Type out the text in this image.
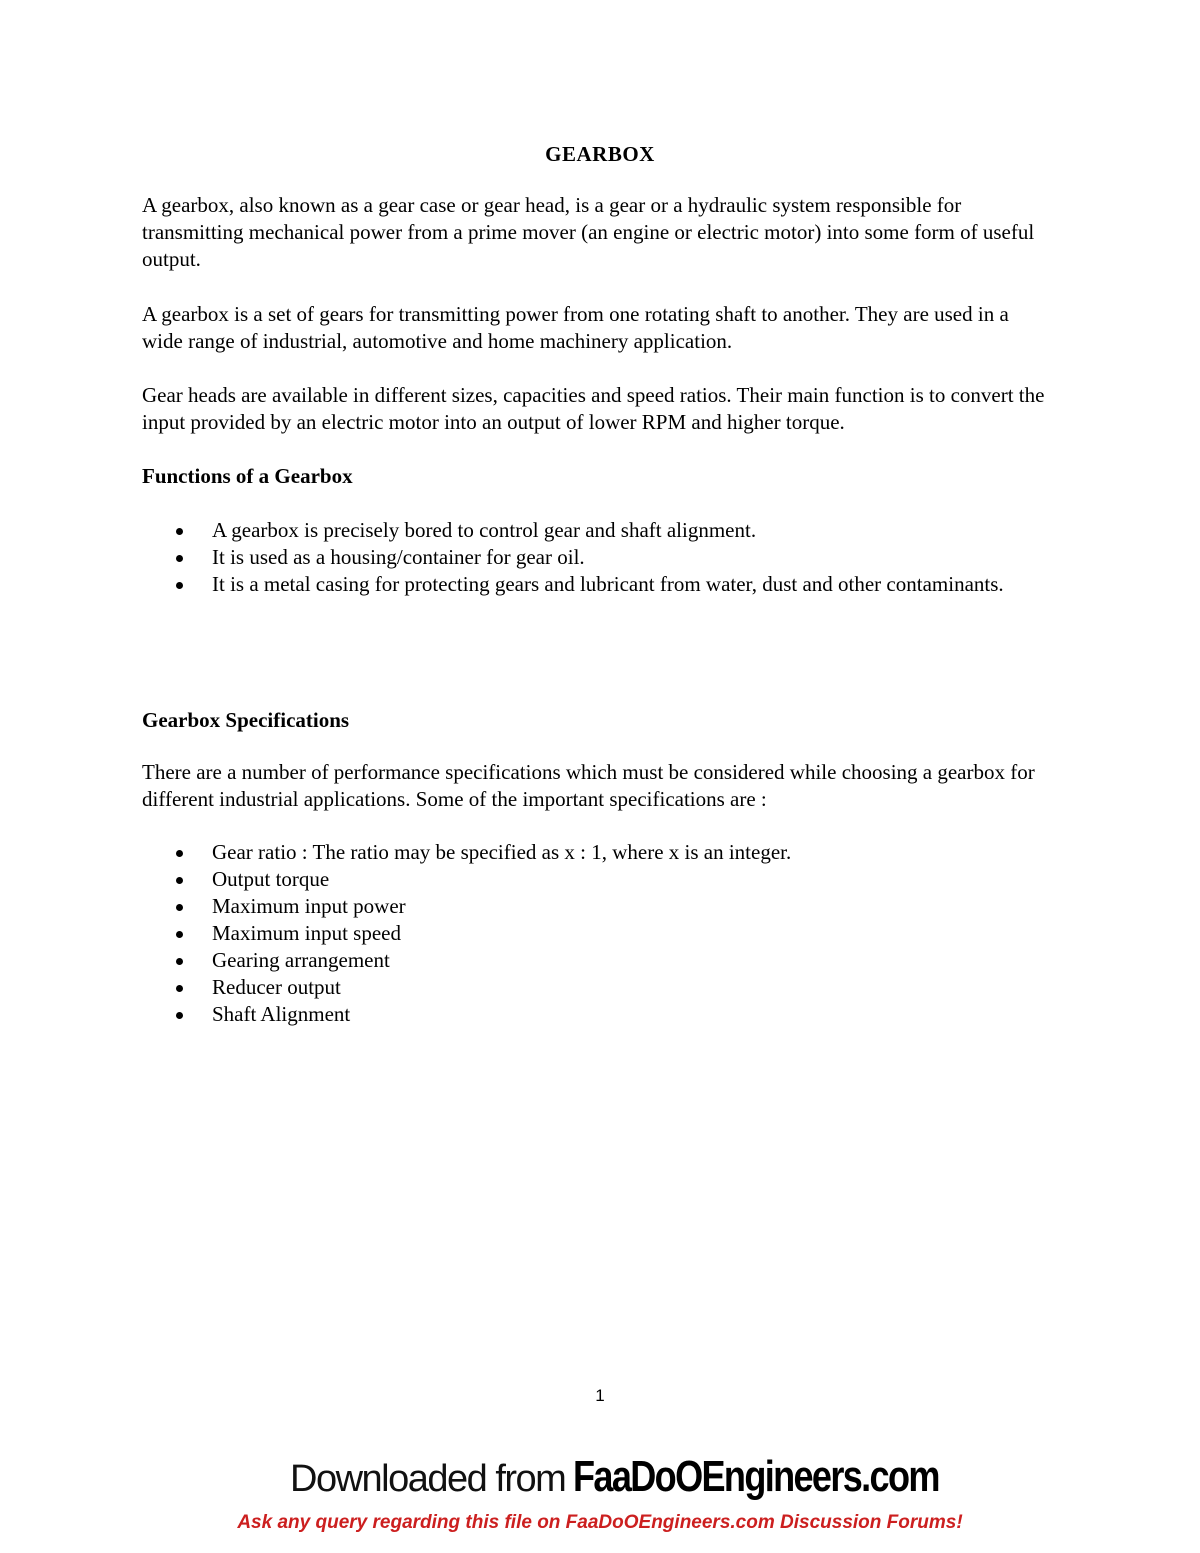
GEARBOX

A gearbox, also known as a gear case or gear head, is a gear or a hydraulic system responsible for transmitting mechanical power from a prime mover (an engine or electric motor) into some form of useful output.

A gearbox is a set of gears for transmitting power from one rotating shaft to another. They are used in a wide range of industrial, automotive and home machinery application.

Gear heads are available in different sizes, capacities and speed ratios. Their main function is to convert the input provided by an electric motor into an output of lower RPM and higher torque.

Functions of a Gearbox
A gearbox is precisely bored to control gear and shaft alignment.
It is used as a housing/container for gear oil.
It is a metal casing for protecting gears and lubricant from water, dust and other contaminants.
Gearbox Specifications

There are a number of performance specifications which must be considered while choosing a gearbox for different industrial applications. Some of the important specifications are :

Gear ratio : The ratio may be specified as x : 1, where x is an integer.
Output torque
Maximum input power
Maximum input speed
Gearing arrangement
Reducer output
Shaft Alignment
1
Downloaded from FaaDoOEngineers.com
Ask any query regarding this file on FaaDoOEngineers.com Discussion Forums!
